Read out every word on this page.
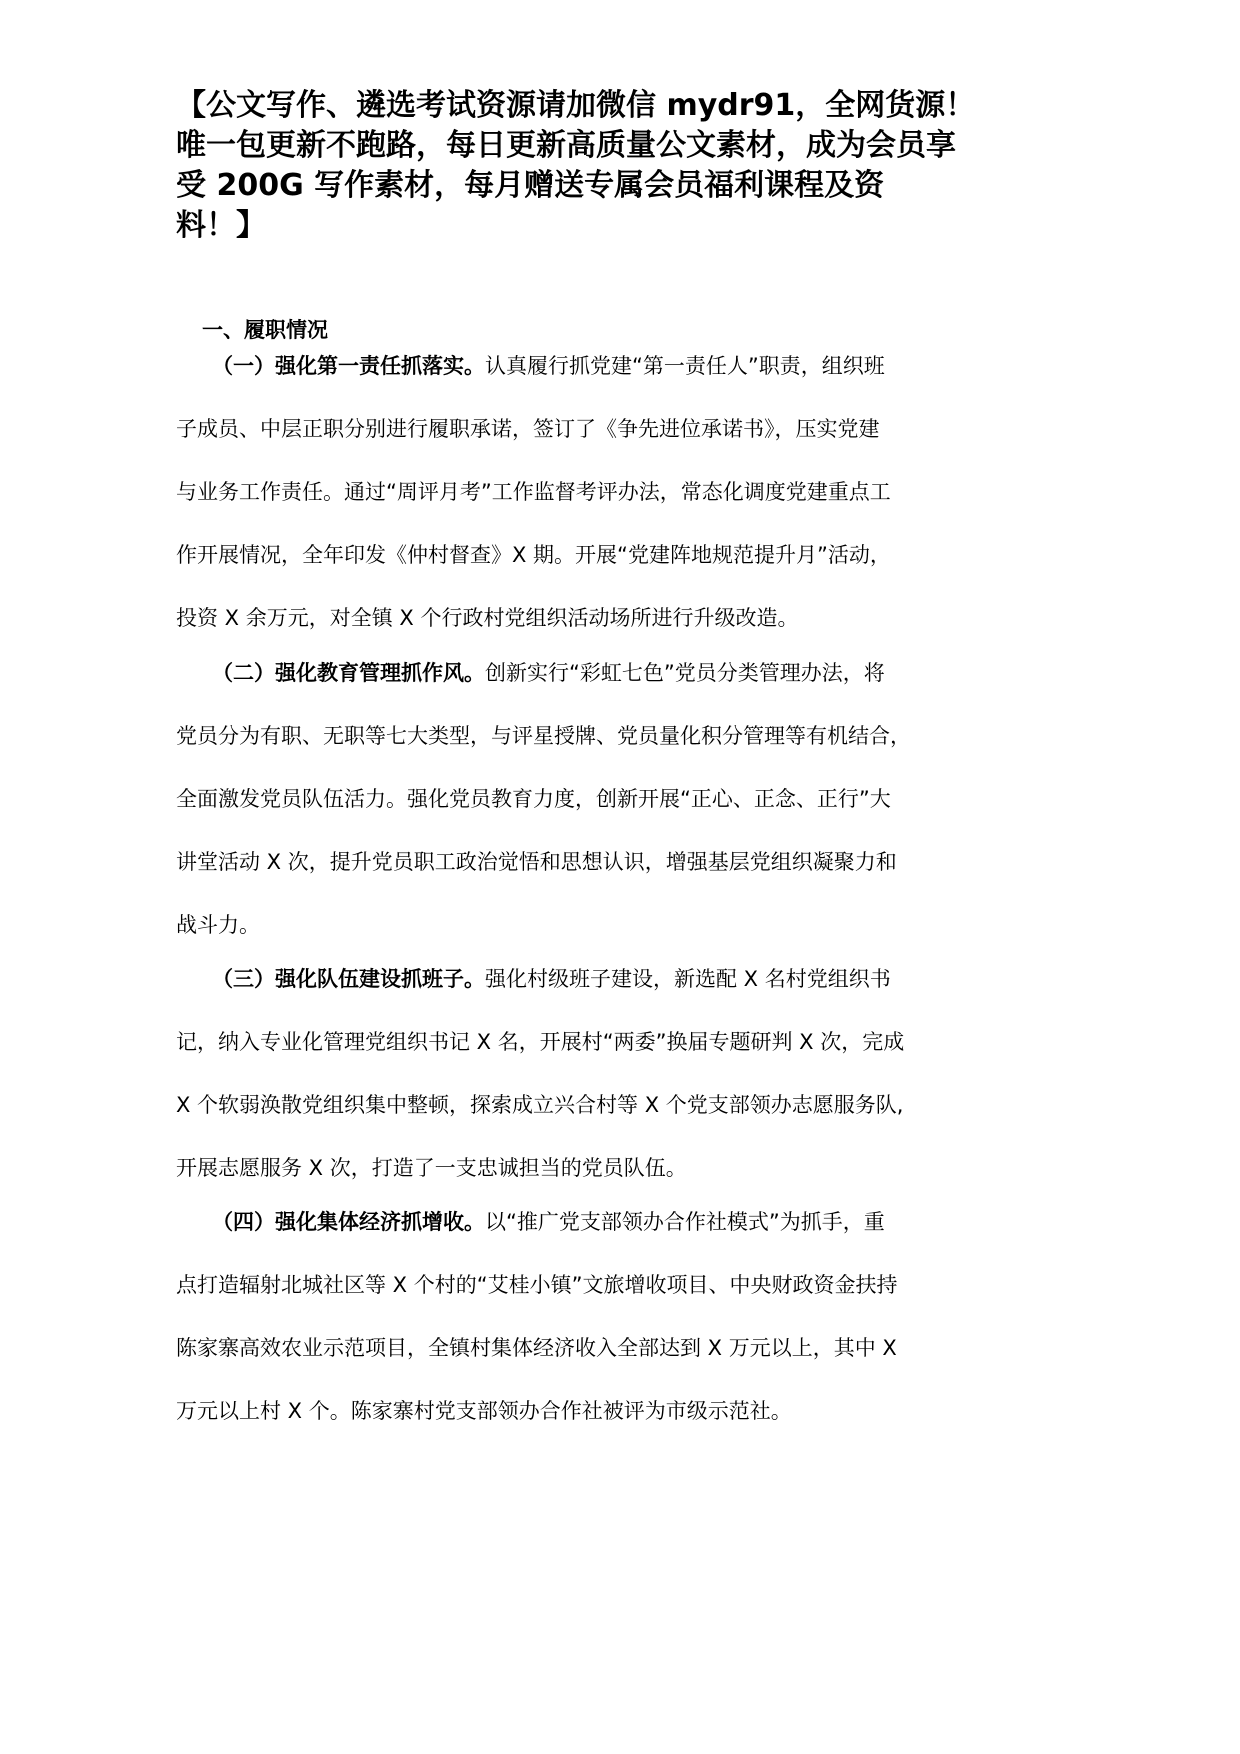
【公文写作、遴选考试资源请加微信 mydr91，全网货源！
唯一包更新不跑路，每日更新高质量公文素材，成为会员享
受 200G 写作素材，每月赠送专属会员福利课程及资
料！】
一、履职情况
（一）强化第一责任抓落实。认真履行抓党建“第一责任人”职责，组织班
子成员、中层正职分别进行履职承诺，签订了《争先进位承诺书》，压实党建
与业务工作责任。通过“周评月考”工作监督考评办法，常态化调度党建重点工
作开展情况，全年印发《仲村督查》X 期。开展“党建阵地规范提升月”活动，
投资 X 余万元，对全镇 X 个行政村党组织活动场所进行升级改造。
（二）强化教育管理抓作风。创新实行“彩虹七色”党员分类管理办法，将
党员分为有职、无职等七大类型，与评星授牌、党员量化积分管理等有机结合，
全面激发党员队伍活力。强化党员教育力度，创新开展“正心、正念、正行”大
讲堂活动 X 次，提升党员职工政治觉悟和思想认识，增强基层党组织凝聚力和
战斗力。
（三）强化队伍建设抓班子。强化村级班子建设，新选配 X 名村党组织书
记，纳入专业化管理党组织书记 X 名，开展村“两委”换届专题研判 X 次，完成
X 个软弱涣散党组织集中整顿，探索成立兴合村等 X 个党支部领办志愿服务队,
开展志愿服务 X 次，打造了一支忠诚担当的党员队伍。
（四）强化集体经济抓增收。以“推广党支部领办合作社模式”为抓手，重
点打造辐射北城社区等 X 个村的“艾桂小镇”文旅增收项目、中央财政资金扶持
陈家寨高效农业示范项目，全镇村集体经济收入全部达到 X 万元以上，其中 X
万元以上村 X 个。陈家寨村党支部领办合作社被评为市级示范社。
